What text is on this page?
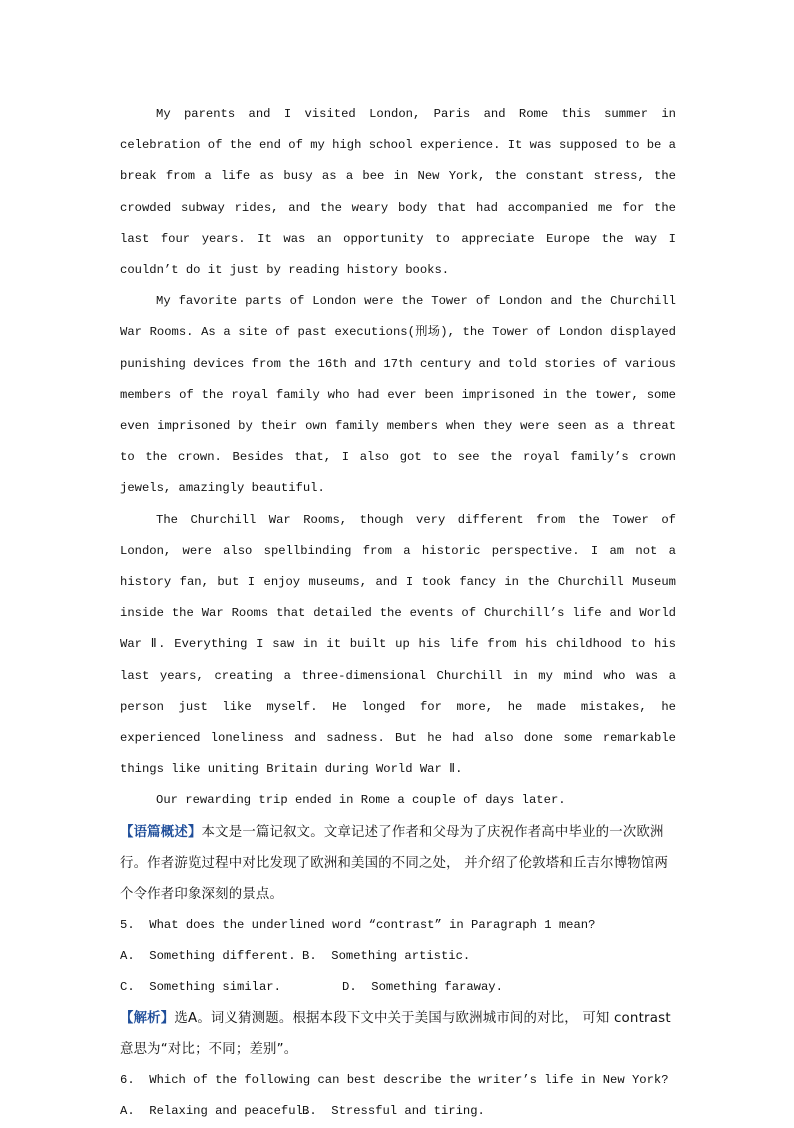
My parents and I visited London, Paris and Rome this summer in celebration of the end of my high school experience. It was supposed to be a break from a life as busy as a bee in New York, the constant stress, the crowded subway rides, and the weary body that had accompanied me for the last four years. It was an opportunity to appreciate Europe the way I couldn’t do it just by reading history books.

My favorite parts of London were the Tower of London and the Churchill War Rooms. As a site of past executions(刑场), the Tower of London displayed punishing devices from the 16th and 17th century and told stories of various members of the royal family who had ever been imprisoned in the tower, some even imprisoned by their own family members when they were seen as a threat to the crown. Besides that, I also got to see the royal family’s crown jewels, amazingly beautiful.

The Churchill War Rooms, though very different from the Tower of London, were also spellbinding from a historic perspective. I am not a history fan, but I enjoy museums, and I took fancy in the Churchill Museum inside the War Rooms that detailed the events of Churchill’s life and World War Ⅱ. Everything I saw in it built up his life from his childhood to his last years, creating a three-dimensional Churchill in my mind who was a person just like myself. He longed for more, he made mistakes, he experienced loneliness and sadness. But he had also done some remarkable things like uniting Britain during World War Ⅱ.

Our rewarding trip ended in Rome a couple of days later.

【语篇概述】本文是一篇记叙文。文章记述了作者和父母为了庆祝作者高中毕业的一次欧洲行。作者游览过程中对比发现了欧洲和美国的不同之处， 并介绍了伦敦塔和丘吉尔博物馆两个令作者印象深刻的景点。

5.  What does the underlined word “contrast” in Paragraph 1 mean?

A.  Something different. B.  Something artistic.
C.  Something similar.	D.  Something faraway.

【解析】选A。词义猜测题。根据本段下文中关于美国与欧洲城市间的对比， 可知 contrast 意思为“对比；不同；差别”。

6.  Which of the following can best describe the writer’s life in New York?

A.  Relaxing and peaceful.
B.  Stressful and tiring.
